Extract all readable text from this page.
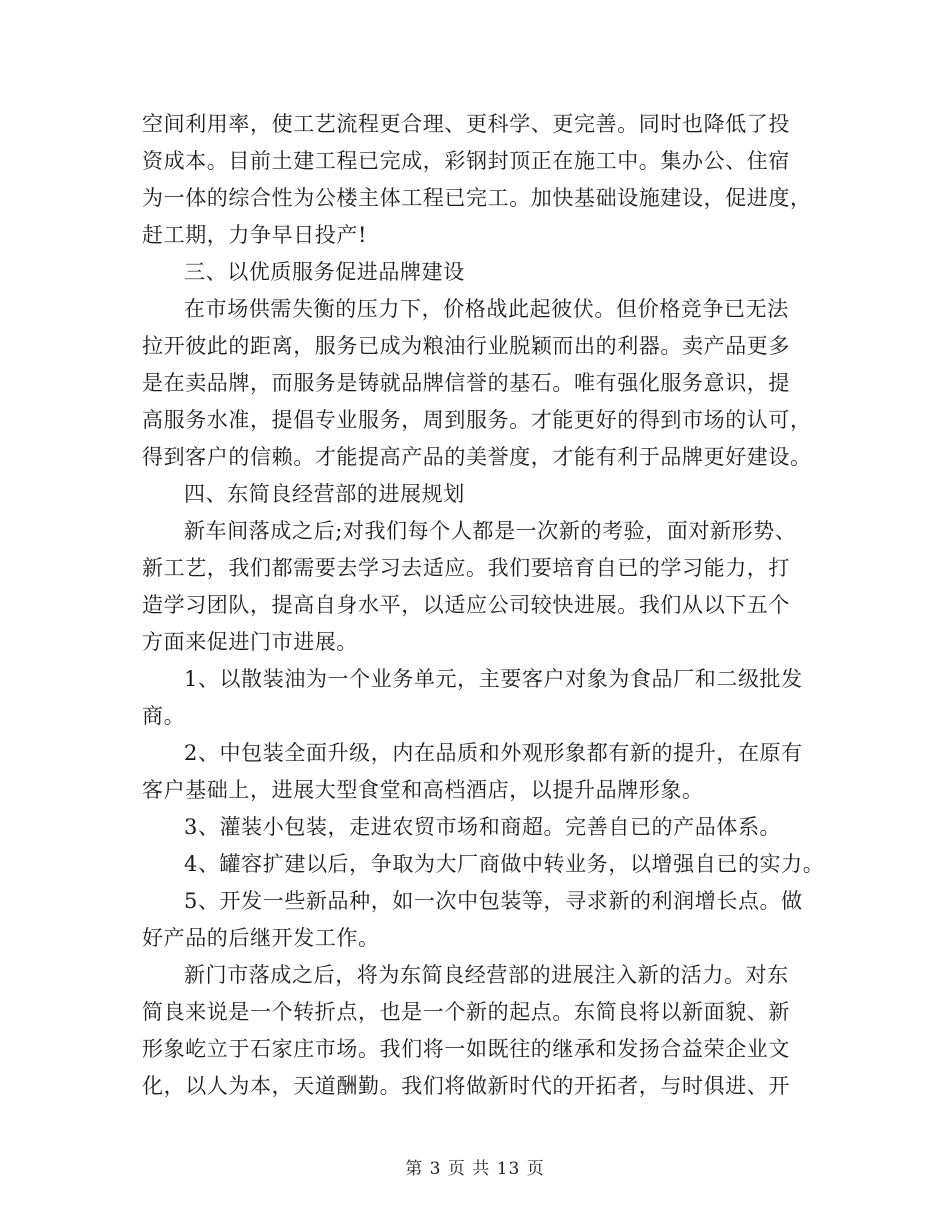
空间利用率，使工艺流程更合理、更科学、更完善。同时也降低了投
资成本。目前土建工程已完成，彩钢封顶正在施工中。集办公、住宿
为一体的综合性为公楼主体工程已完工。加快基础设施建设，促进度，
赶工期，力争早日投产!
三、以优质服务促进品牌建设
在市场供需失衡的压力下，价格战此起彼伏。但价格竞争已无法
拉开彼此的距离，服务已成为粮油行业脱颖而出的利器。卖产品更多
是在卖品牌，而服务是铸就品牌信誉的基石。唯有强化服务意识，提
高服务水准，提倡专业服务，周到服务。才能更好的得到市场的认可，
得到客户的信赖。才能提高产品的美誉度，才能有利于品牌更好建设。
四、东简良经营部的进展规划
新车间落成之后;对我们每个人都是一次新的考验，面对新形势、
新工艺，我们都需要去学习去适应。我们要培育自已的学习能力，打
造学习团队，提高自身水平，以适应公司较快进展。我们从以下五个
方面来促进门市进展。
1、以散装油为一个业务单元，主要客户对象为食品厂和二级批发
商。
2、中包装全面升级，内在品质和外观形象都有新的提升，在原有
客户基础上，进展大型食堂和高档酒店，以提升品牌形象。
3、灌装小包装，走进农贸市场和商超。完善自已的产品体系。
4、罐容扩建以后，争取为大厂商做中转业务，以增强自已的实力。
5、开发一些新品种，如一次中包装等，寻求新的利润增长点。做
好产品的后继开发工作。
新门市落成之后，将为东简良经营部的进展注入新的活力。对东
简良来说是一个转折点，也是一个新的起点。东简良将以新面貌、新
形象屹立于石家庄市场。我们将一如既往的继承和发扬合益荣企业文
化，以人为本，天道酬勤。我们将做新时代的开拓者，与时俱进、开
第 3 页 共 13 页
